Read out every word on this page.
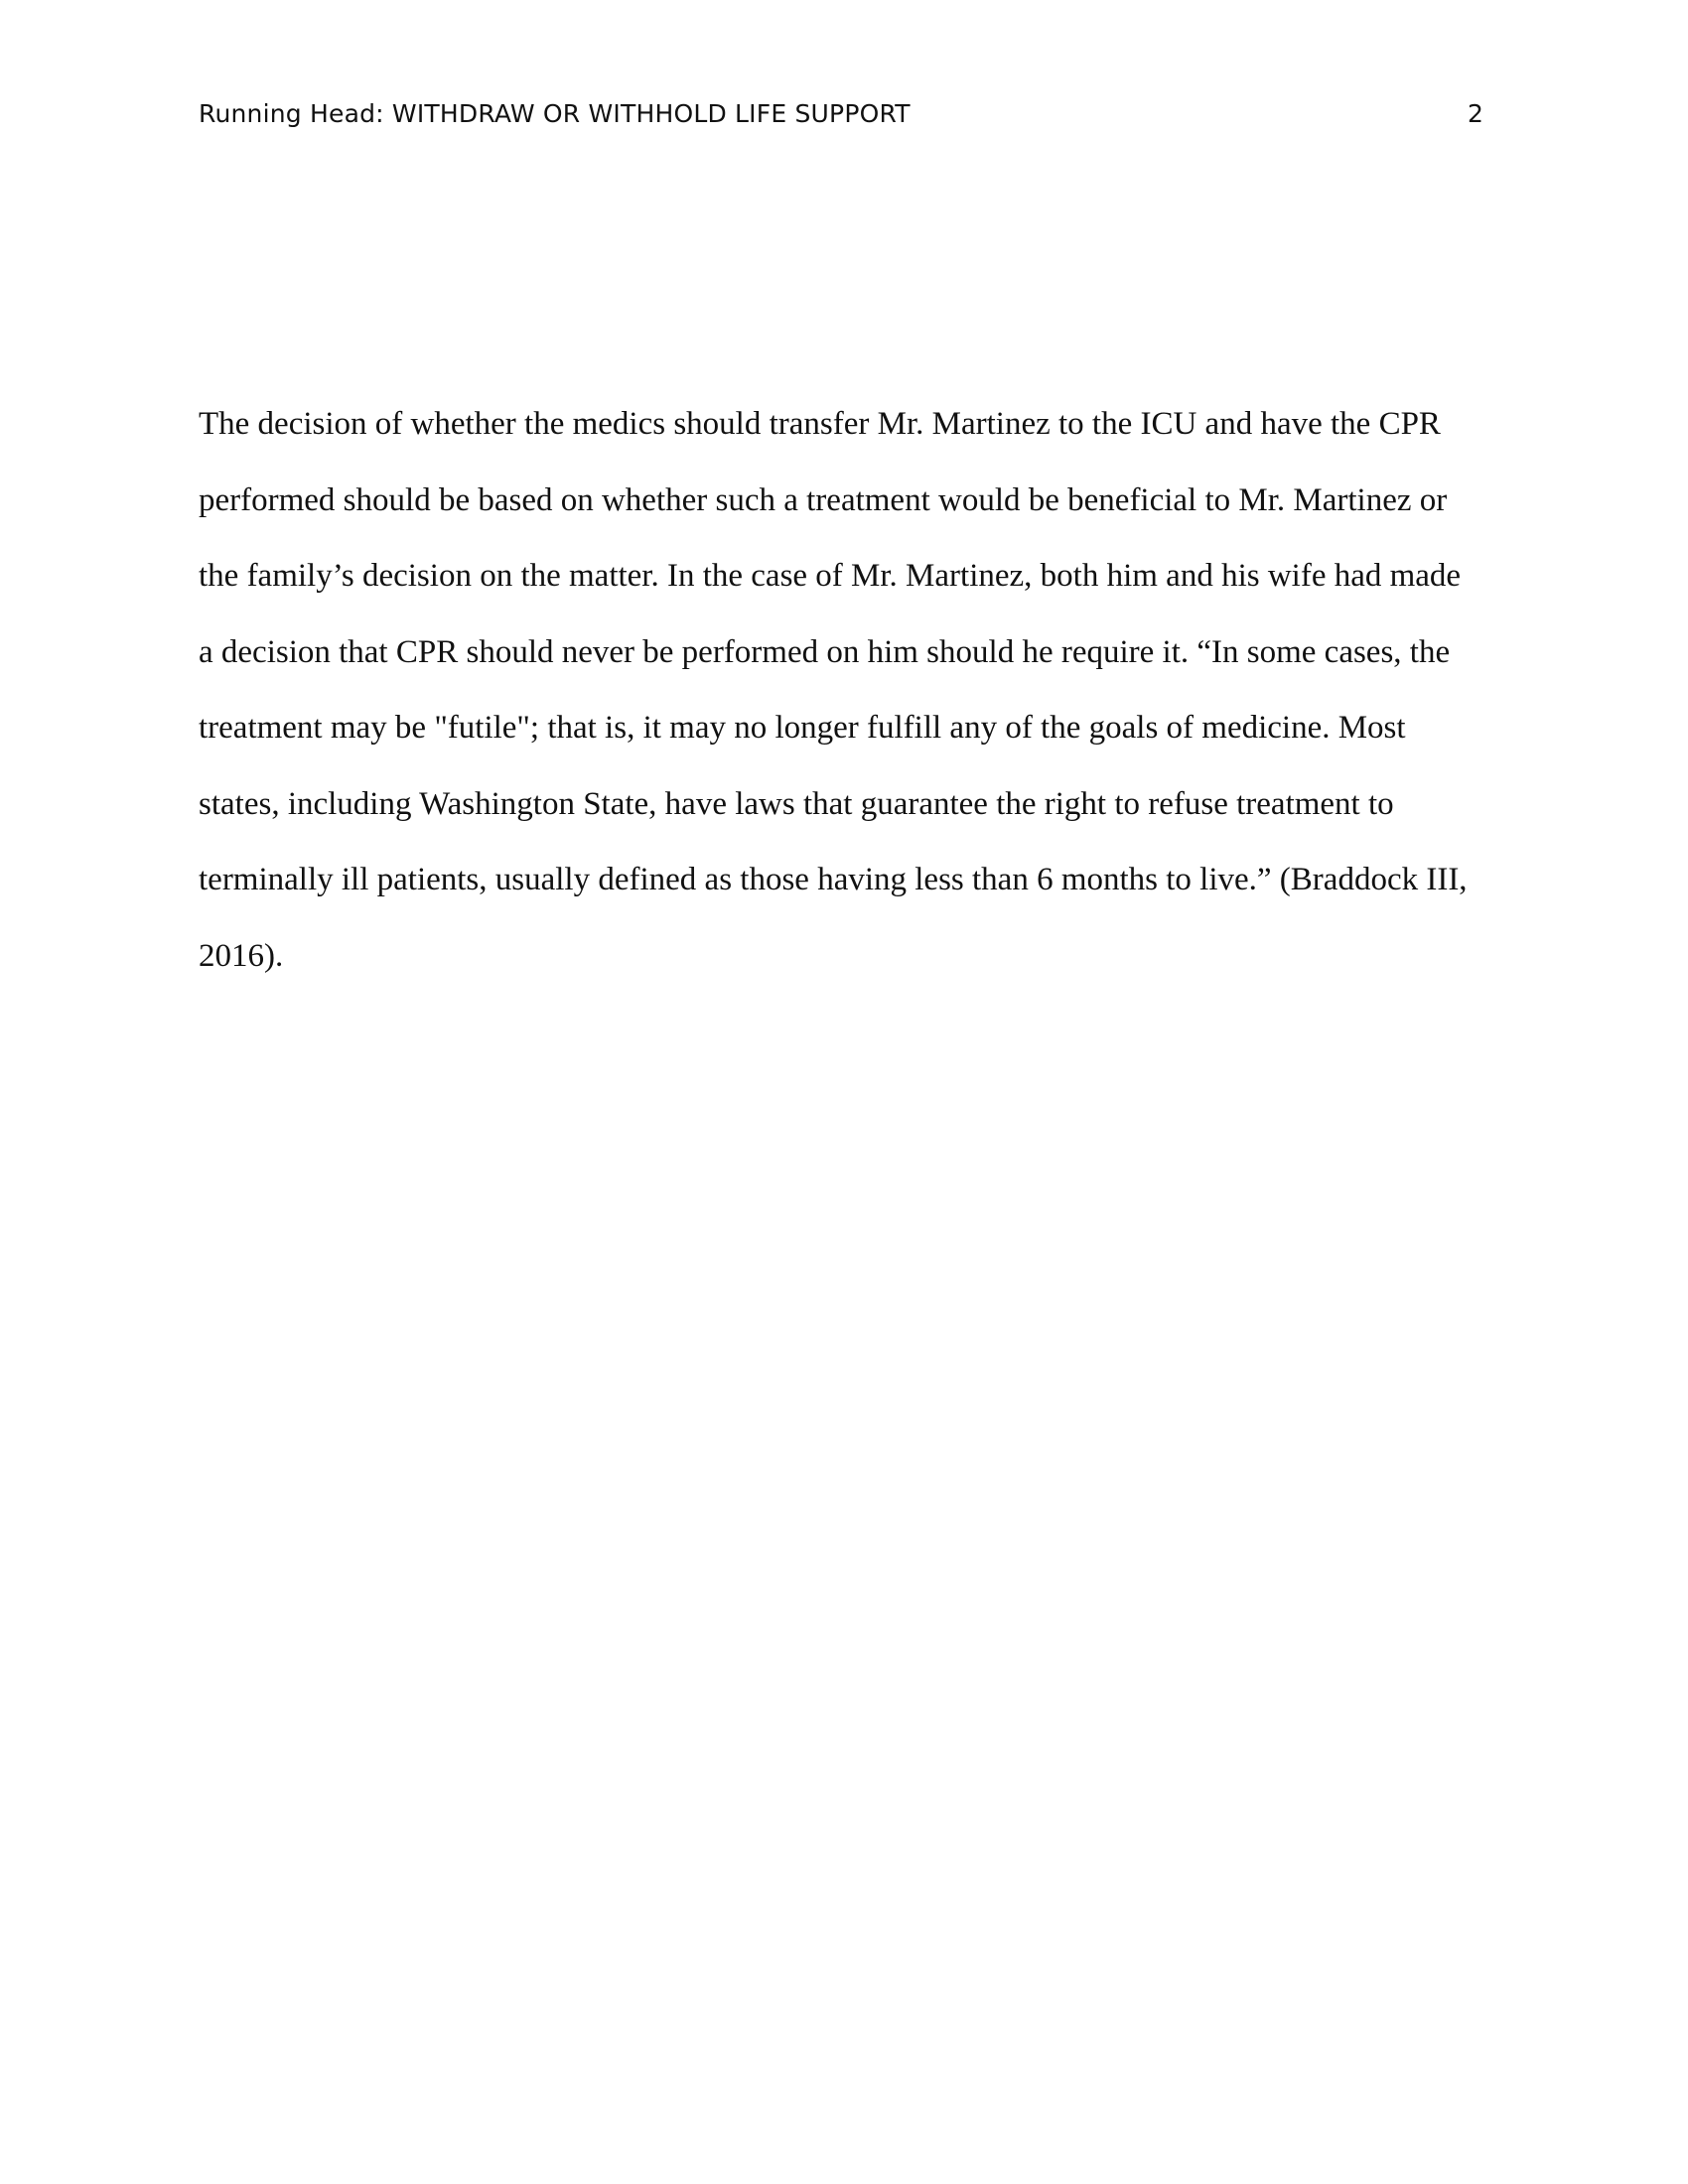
Running Head: WITHDRAW OR WITHHOLD LIFE SUPPORT	2
The decision of whether the medics should transfer Mr. Martinez to the ICU and have the CPR
performed should be based on whether such a treatment would be beneficial to Mr. Martinez or
the family’s decision on the matter. In the case of Mr. Martinez, both him and his wife had made
a decision that CPR should never be performed on him should he require it. “In some cases, the
treatment may be "futile"; that is, it may no longer fulfill any of the goals of medicine. Most
states, including Washington State, have laws that guarantee the right to refuse treatment to
terminally ill patients, usually defined as those having less than 6 months to live.” (Braddock III,
2016).
